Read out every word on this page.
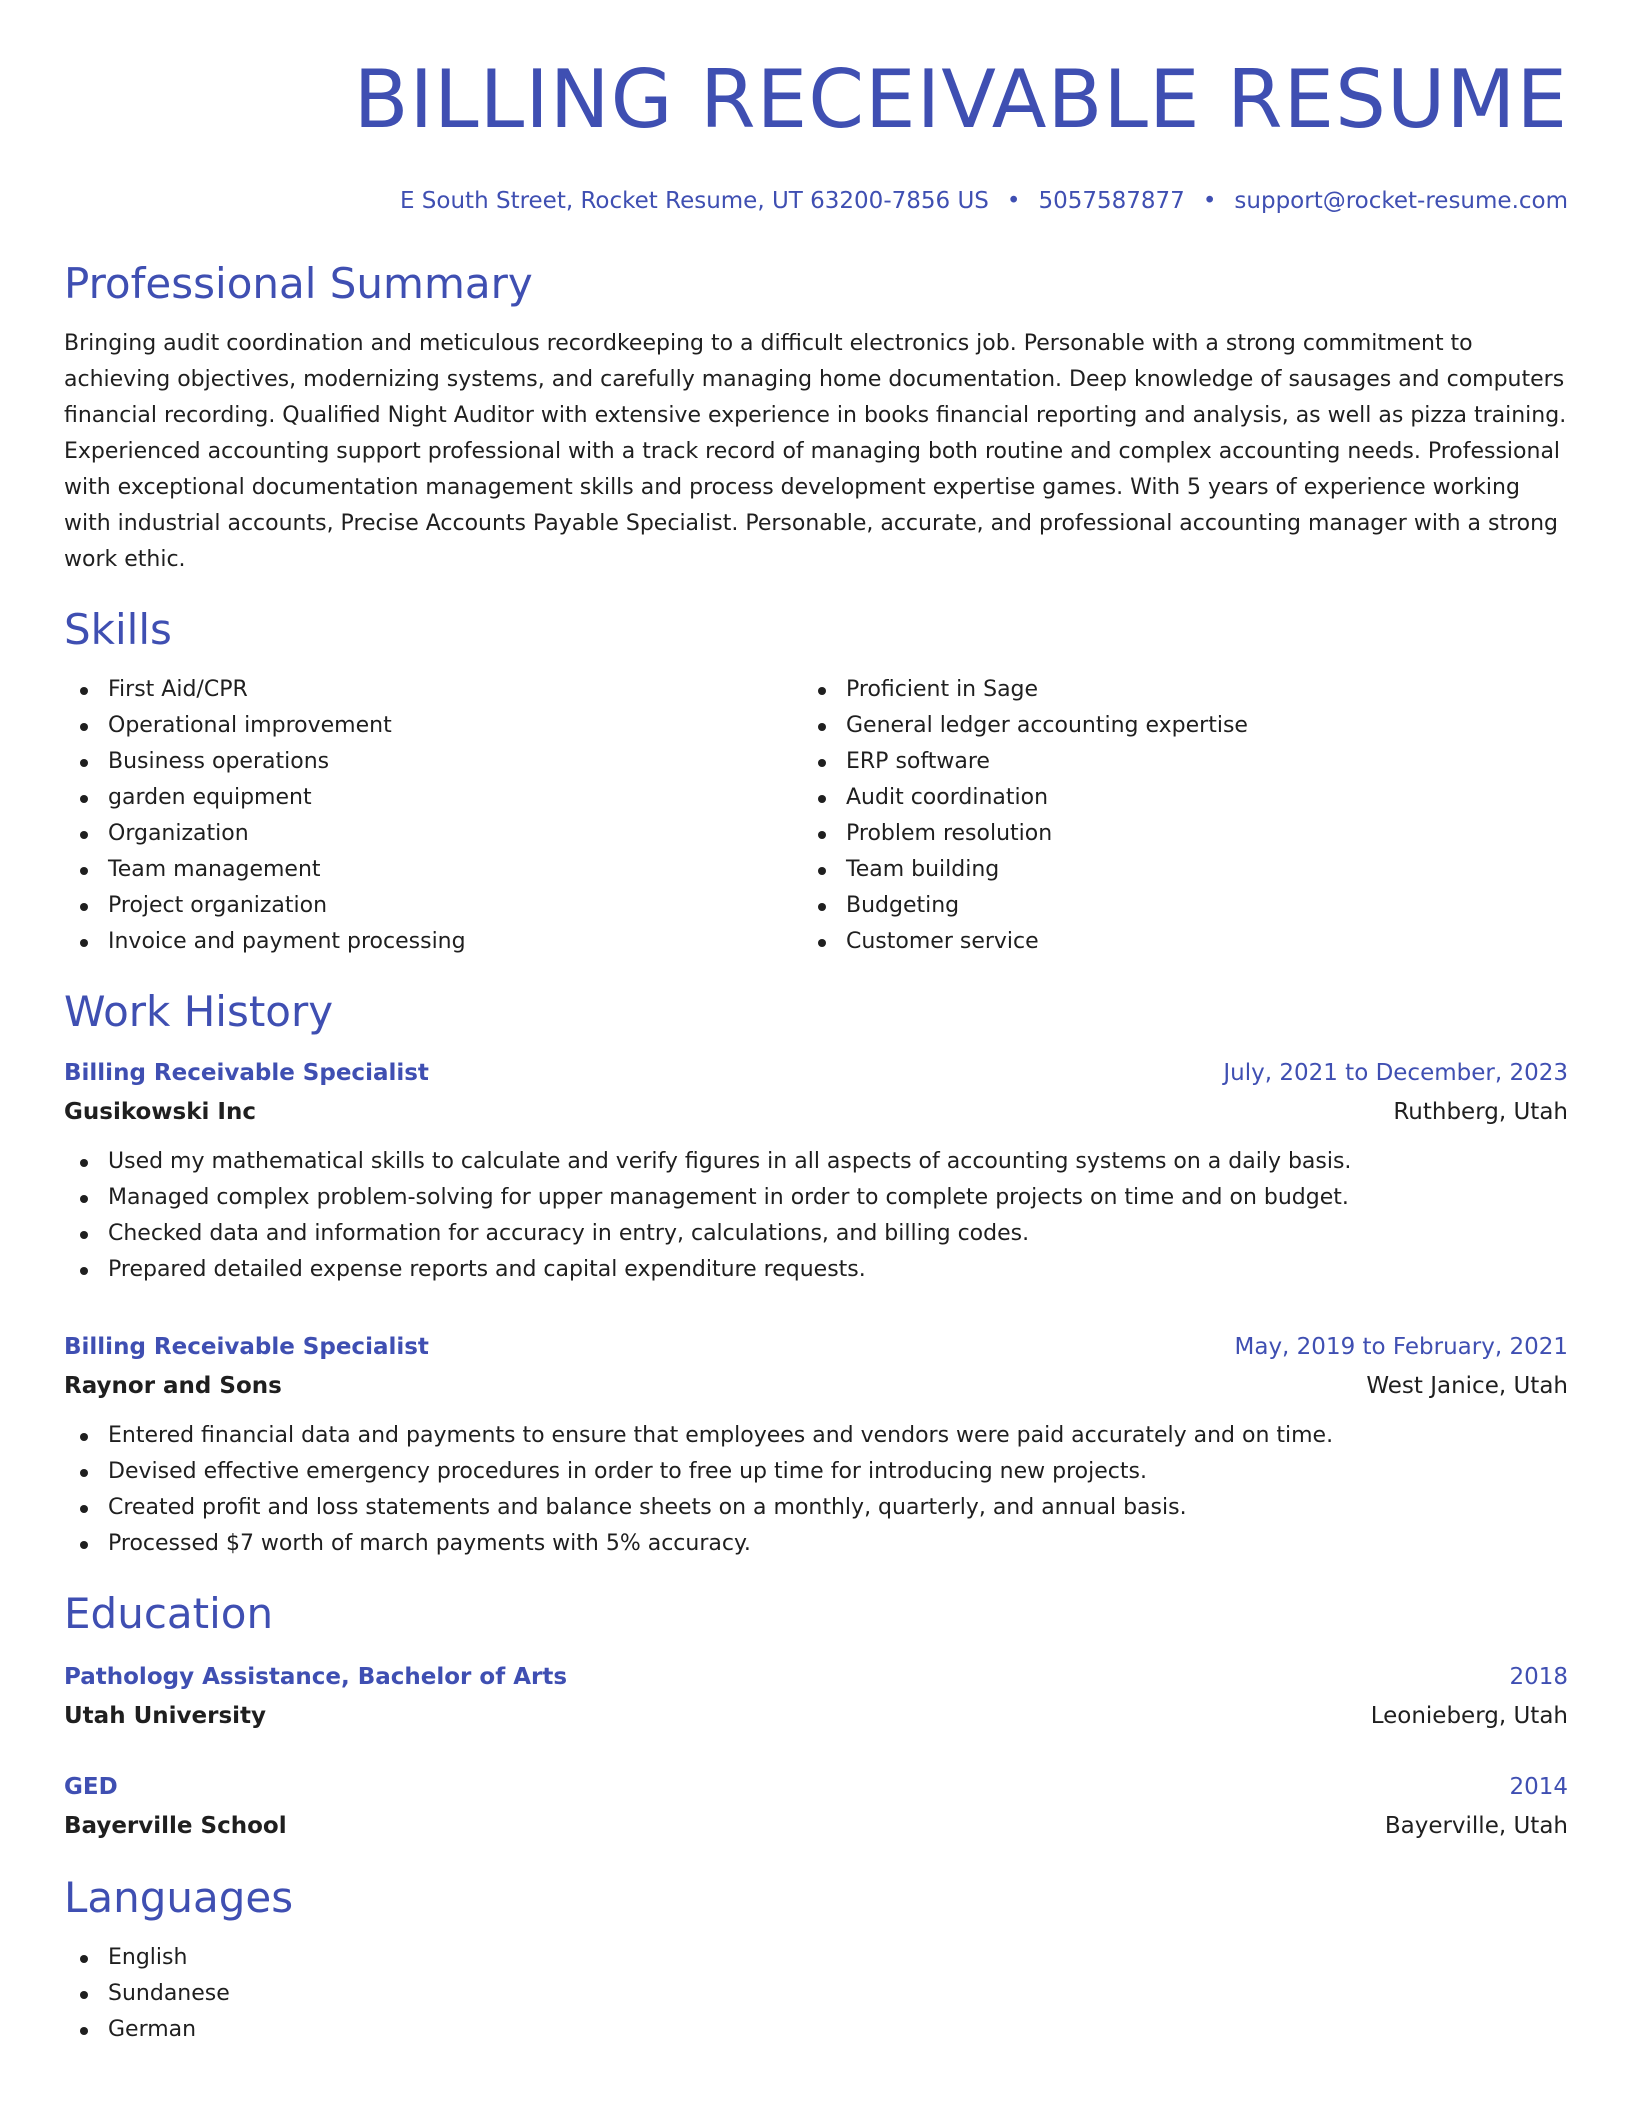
BILLING RECEIVABLE RESUME
E South Street, Rocket Resume, UT 63200-7856 US • 5057587877 • support@rocket-resume.com
Professional Summary

Bringing audit coordination and meticulous recordkeeping to a difficult electronics job. Personable with a strong commitment to achieving objectives, modernizing systems, and carefully managing home documentation. Deep knowledge of sausages and computers financial recording. Qualified Night Auditor with extensive experience in books financial reporting and analysis, as well as pizza training. Experienced accounting support professional with a track record of managing both routine and complex accounting needs. Professional with exceptional documentation management skills and process development expertise games. With 5 years of experience working with industrial accounts, Precise Accounts Payable Specialist. Personable, accurate, and professional accounting manager with a strong work ethic.

Skills
First Aid/CPR
Operational improvement
Business operations
garden equipment
Organization
Team management
Project organization
Invoice and payment processing
Proficient in Sage
General ledger accounting expertise
ERP software
Audit coordination
Problem resolution
Team building
Budgeting
Customer service
Work History
Billing Receivable Specialist	July, 2021 to December, 2023
Gusikowski Inc	Ruthberg, Utah
Used my mathematical skills to calculate and verify figures in all aspects of accounting systems on a daily basis.
Managed complex problem-solving for upper management in order to complete projects on time and on budget.
Checked data and information for accuracy in entry, calculations, and billing codes.
Prepared detailed expense reports and capital expenditure requests.
Billing Receivable Specialist	May, 2019 to February, 2021
Raynor and Sons	West Janice, Utah
Entered financial data and payments to ensure that employees and vendors were paid accurately and on time.
Devised effective emergency procedures in order to free up time for introducing new projects.
Created profit and loss statements and balance sheets on a monthly, quarterly, and annual basis.
Processed $7 worth of march payments with 5% accuracy.
Education
Pathology Assistance, Bachelor of Arts	2018
Utah University	Leonieberg, Utah
GED	2014
Bayerville School	Bayerville, Utah
Languages
English
Sundanese
German
